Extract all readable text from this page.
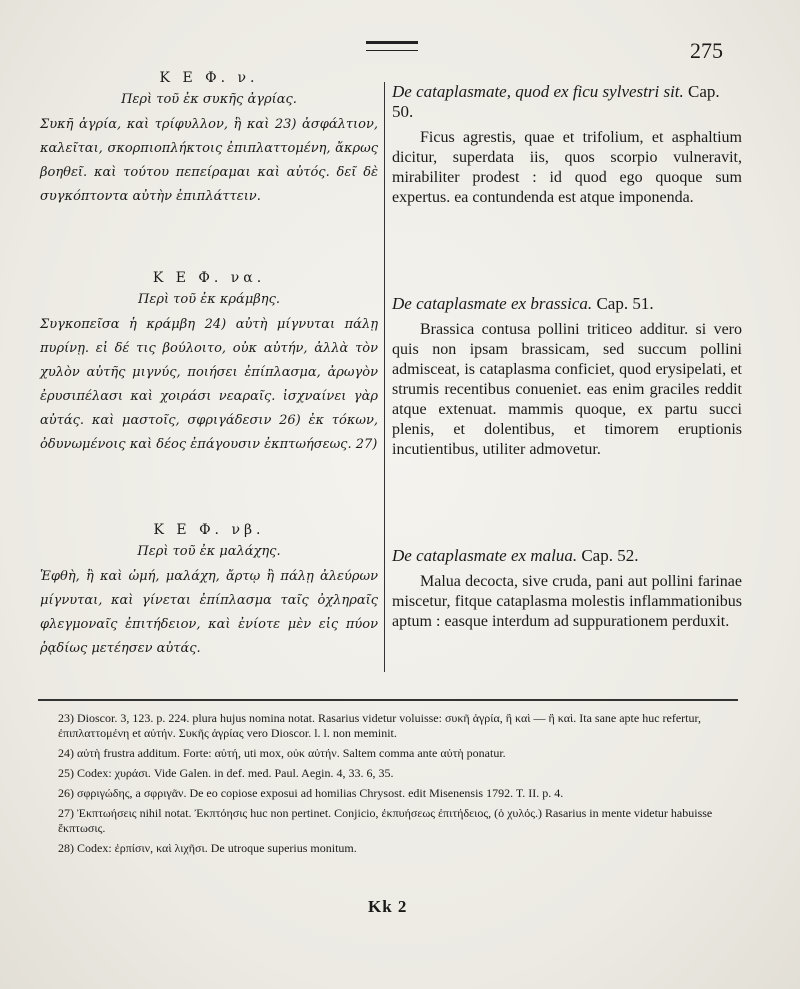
275
Κ Ε Φ. ν.
Περὶ τοῦ ἐκ συκῆς ἀγρίας.

Συκῆ ἀγρία, καὶ τρίφυλλον, ἣ καὶ 23) ἀσφάλτιον, καλεῖται, σκορπιοπλήκτοις ἐπιπλαττομένη, ἄκρως βοηθεῖ. καὶ τούτου πεπείραμαι καὶ αὐτός. δεῖ δὲ συγκόπτοντα αὐτὴν ἐπιπλάττειν.

Κ Ε Φ. να.
Περὶ τοῦ ἐκ κράμβης.

Συγκοπεῖσα ἡ κράμβη 24) αὐτὴ μίγνυται πάλῃ πυρίνῃ. εἰ δέ τις βούλοιτο, οὐκ αὐτήν, ἀλλὰ τὸν χυλὸν αὐτῆς μιγνύς, ποιήσει ἐπίπλασμα, ἀρωγὸν ἐρυσιπέλασι καὶ χοιράσι νεαραῖς. ἰσχναίνει γὰρ αὐτάς. καὶ μαστοῖς, σφριγάδεσιν 26) ἐκ τόκων, ὀδυνωμένοις καὶ δέος ἐπάγουσιν ἐκπτωήσεως. 27)

Κ Ε Φ. νβ.
Περὶ τοῦ ἐκ μαλάχης.

Ἑφθὴ, ἢ καὶ ὠμή, μαλάχη, ἄρτῳ ἢ πάλῃ ἀλεύρων μίγνυται, καὶ γίνεται ἐπίπλασμα ταῖς ὀχληραῖς φλεγμοναῖς ἐπιτήδειον, καὶ ἐνίοτε μὲν εἰς πύον ῥᾳδίως μετέησεν αὐτάς.

De cataplasmate, quod ex ficu sylvestri sit. Cap. 50.

Ficus agrestis, quae et trifolium, et asphaltium dicitur, superdata iis, quos scorpio vulneravit, mirabiliter prodest : id quod ego quoque sum expertus. ea contundenda est atque imponenda.

De cataplasmate ex brassica. Cap. 51.

Brassica contusa pollini triticeo additur. si vero quis non ipsam brassicam, sed succum pollini admisceat, is cataplasma conficiet, quod erysipelati, et strumis recentibus conueniet. eas enim graciles reddit atque extenuat. mammis quoque, ex partu succi plenis, et dolentibus, et timorem eruptionis incutientibus, utiliter admovetur.

De cataplasmate ex malua. Cap. 52.

Malua decocta, sive cruda, pani aut pollini farinae miscetur, fitque cataplasma molestis inflammationibus aptum : easque interdum ad suppurationem perduxit.

23) Dioscor. 3, 123. p. 224. plura hujus nomina notat. Rasarius videtur voluisse: συκῆ ἀγρία, ἣ καὶ — ἣ καὶ. Ita sane apte huc refertur, ἐπιπλαττομένη et αὐτήν. Συκῆς ἀγρίας vero Dioscor. l. l. non meminit.

24) αὐτὴ frustra additum. Forte: αὐτή, uti mox, οὐκ αὐτήν. Saltem comma ante αὐτὴ ponatur.

25) Codex: χυράσι. Vide Galen. in def. med. Paul. Aegin. 4, 33. 6, 35.

26) σφριγώδης, a σφριγᾶν. De eo copiose exposui ad homilias Chrysost. edit Misenensis 1792. T. II. p. 4.

27) Ἐκπτωήσεις nihil notat. Ἐκπτόησις huc non pertinet. Conjicio, ἐκπυήσεως ἐπιτήδειος, (ὁ χυλός.) Rasarius in mente videtur habuisse ἔκπτωσις.

28) Codex: ἐρπίσιν, καὶ λιχῆσι. De utroque superius monitum.

Kk 2
